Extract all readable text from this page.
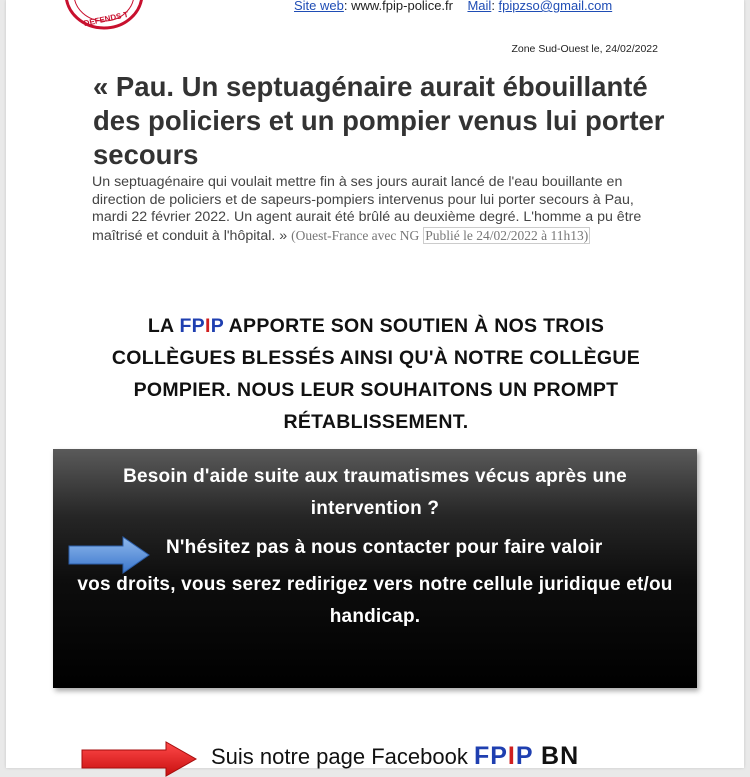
DEFENDS T
Site web: www.fpip-police.fr Mail: fpipzso@gmail.com
Zone Sud-Ouest le, 24/02/2022
« Pau. Un septuagénaire aurait ébouillanté des policiers et un pompier venus lui porter secours
Un septuagénaire qui voulait mettre fin à ses jours aurait lancé de l'eau bouillante en direction de policiers et de sapeurs-pompiers intervenus pour lui porter secours à Pau, mardi 22 février 2022. Un agent aurait été brûlé au deuxième degré. L'homme a pu être maîtrisé et conduit à l'hôpital. » (Ouest-France avec NG Publié le 24/02/2022 à 11h13)
LA FPIP APPORTE SON SOUTIEN À NOS TROIS COLLÈGUES BLESSÉS AINSI QU'À NOTRE COLLÈGUE POMPIER. NOUS LEUR SOUHAITONS UN PROMPT RÉTABLISSEMENT.
Besoin d'aide suite aux traumatismes vécus après une intervention ?
N'hésitez pas à nous contacter pour faire valoir
vos droits, vous serez redirigez vers notre cellule juridique et/ou handicap.
Suis notre page Facebook FPIP BN
